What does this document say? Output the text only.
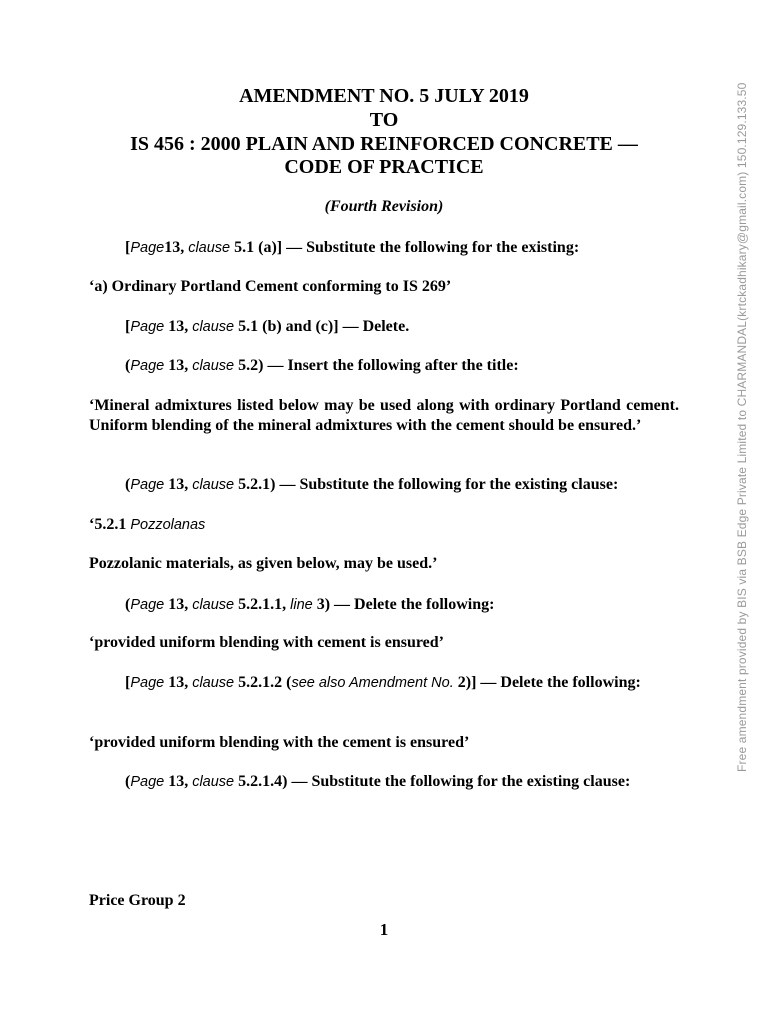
AMENDMENT NO. 5 JULY 2019
TO
IS 456 : 2000 PLAIN AND REINFORCED CONCRETE —
CODE OF PRACTICE
(Fourth Revision)
[Page13, clause 5.1 (a)] — Substitute the following for the existing:
‘a) Ordinary Portland Cement conforming to IS 269’
[Page 13, clause 5.1 (b) and (c)] — Delete.
(Page 13, clause 5.2) — Insert the following after the title:
‘Mineral admixtures listed below may be used along with ordinary Portland cement. Uniform blending of the mineral admixtures with the cement should be ensured.’
(Page 13, clause 5.2.1) — Substitute the following for the existing clause:
‘5.2.1 Pozzolanas
Pozzolanic materials, as given below, may be used.’
(Page 13, clause 5.2.1.1, line 3) — Delete the following:
‘provided uniform blending with cement is ensured’
[Page 13, clause 5.2.1.2 (see also Amendment No. 2)] — Delete the following:
‘provided uniform blending with the cement is ensured’
(Page 13, clause 5.2.1.4) — Substitute the following for the existing clause:
Price Group 2
1
Free amendment provided by BIS via BSB Edge Private Limited to CHARMANDAL(krtckadhikary@gmail.com) 150.129.133.50
